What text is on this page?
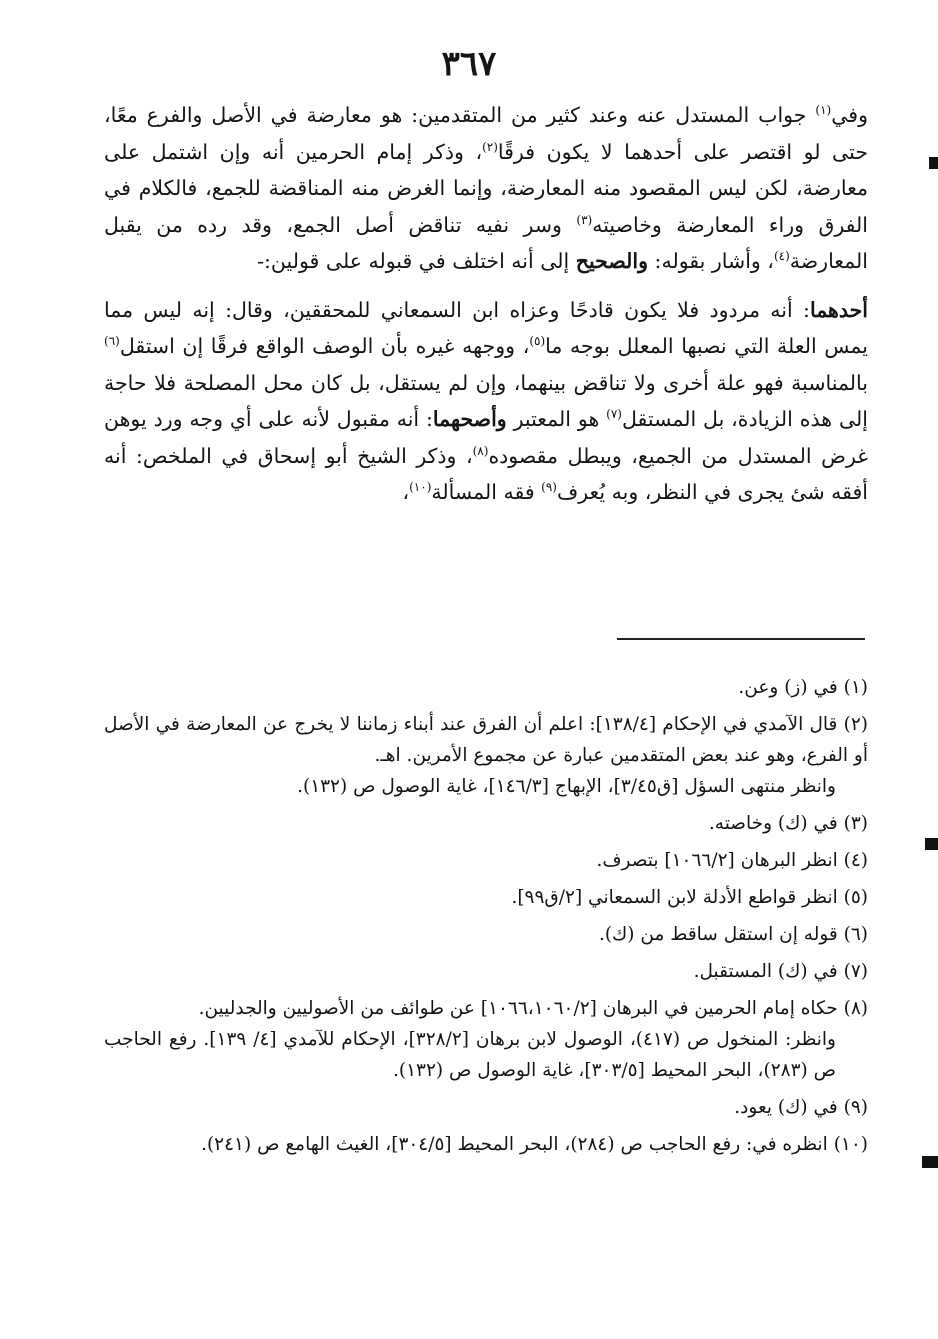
٣٦٧

وفي$^{(١)}$ جواب المستدل عنه وعند كثير من المتقدمين: هو معارضة في الأصل والفرع معًا، حتى لو اقتصر على أحدهما لا يكون فرقًا$^{(٢)}$، وذكر إمام الحرمين أنه وإن اشتمل على معارضة، لكن ليس المقصود منه المعارضة، وإنما الغرض منه المناقضة للجمع، فالكلام في الفرق وراء المعارضة وخاصيته$^{(٣)}$ وسر نفيه تناقض أصل الجمع، وقد رده من يقبل المعارضة$^{(٤)}$، وأشار بقوله: والصحيح إلى أنه اختلف في قبوله على قولين:-

أحدهما: أنه مردود فلا يكون قادحًا وعزاه ابن السمعاني للمحققين، وقال: إنه ليس مما يمس العلة التي نصبها المعلل بوجه ما$^{(٥)}$، ووجهه غيره بأن الوصف الواقع فرقًا إن استقل$^{(٦)}$ بالمناسبة فهو علة أخرى ولا تناقض بينهما، وإن لم يستقل، بل كان محل المصلحة فلا حاجة إلى هذه الزيادة، بل المستقل$^{(٧)}$ هو المعتبر وأصحهما: أنه مقبول لأنه على أي وجه ورد يوهن غرض المستدل من الجميع، ويبطل مقصوده$^{(٨)}$، وذكر الشيخ أبو إسحاق في الملخص: أنه أفقه شئ يجرى في النظر، وبه يُعرف$^{(٩)}$ فقه المسألة$^{(١٠)}$،

(١) في (ز) وعن.
(٢) قال الآمدي في الإحكام [١٣٨/٤]: اعلم أن الفرق عند أبناء زماننا لا يخرج عن المعارضة في الأصل أو الفرع، وهو عند بعض المتقدمين عبارة عن مجموع الأمرين. اهـ.
وانظر منتهى السؤل [ق٣/٤٥]، الإبهاج [١٤٦/٣]، غاية الوصول ص (١٣٢).
(٣) في (ك) وخاصته.
(٤) انظر البرهان [١٠٦٦/٢] بتصرف.
(٥) انظر قواطع الأدلة لابن السمعاني [٢/ق٩٩].
(٦) قوله إن استقل ساقط من (ك).
(٧) في (ك) المستقبل.
(٨) حكاه إمام الحرمين في البرهان [١٠٦٦،١٠٦٠/٢] عن طوائف من الأصوليين والجدليين.
وانظر: المنخول ص (٤١٧)، الوصول لابن برهان [٣٢٨/٢]، الإحكام للآمدي [٤/ ١٣٩]. رفع الحاجب ص (٢٨٣)، البحر المحيط [٣٠٣/٥]، غاية الوصول ص (١٣٢).
(٩) في (ك) يعود.
(١٠) انظره في: رفع الحاجب ص (٢٨٤)، البحر المحيط [٣٠٤/٥]، الغيث الهامع ص (٢٤١).
